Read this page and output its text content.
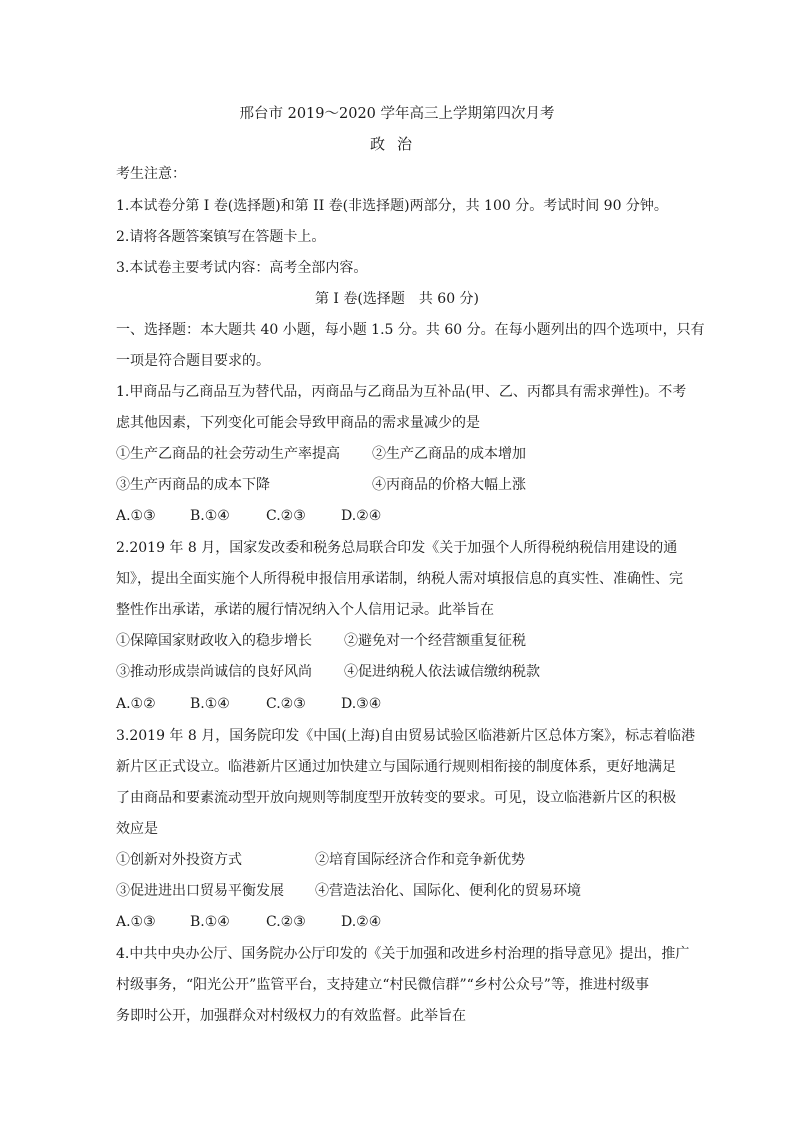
邢台市 2019～2020 学年高三上学期第四次月考
政治
考生注意：
1.本试卷分第 I 卷(选择题)和第 II 卷(非选择题)两部分，共 100 分。考试时间 90 分钟。
2.请将各题答案镇写在答题卡上。
3.本试卷主要考试内容：高考全部内容。
第 I 卷(选择题　共 60 分)
一、选择题：本大题共 40 小题，每小题 1.5 分。共 60 分。在每小题列出的四个选项中，只有
一项是符合题目要求的。
1.甲商品与乙商品互为替代品，丙商品与乙商品为互补品(甲、乙、丙都具有需求弹性)。不考
虑其他因素，下列变化可能会导致甲商品的需求量减少的是
①生产乙商品的社会劳动生产率提高 ②生产乙商品的成本增加
③生产丙商品的成本下降	④丙商品的价格大幅上涨
A.①③ B.①④	C.②③	D.②④
2.2019 年 8 月，国家发改委和税务总局联合印发《关于加强个人所得税纳税信用建设的通
知》，提出全面实施个人所得税申报信用承诺制，纳税人需对填报信息的真实性、准确性、完
整性作出承诺，承诺的履行情况纳入个人信用记录。此举旨在
①保障国家财政收入的稳步增长 ②避免对一个经营额重复征税
③推动形成崇尚诚信的良好风尚 ④促进纳税人依法诚信缴纳税款
A.①② B.①④	C.②③	D.③④
3.2019 年 8 月，国务院印发《中国(上海)自由贸易试验区临港新片区总体方案》，标志着临港
新片区正式设立。临港新片区通过加快建立与国际通行规则相衔接的制度体系，更好地满足
了由商品和要素流动型开放向规则等制度型开放转变的要求。可见，设立临港新片区的积极
效应是
①创新对外投资方式	②培育国际经济合作和竞争新优势
③促进进出口贸易平衡发展 ④营造法治化、国际化、便利化的贸易环境
A.①③ B.①④	C.②③	D.②④
4.中共中央办公厅、国务院办公厅印发的《关于加强和改进乡村治理的指导意见》提出，推广
村级事务，“阳光公开”监管平台，支持建立“村民微信群”“乡村公众号”等，推进村级事
务即时公开，加强群众对村级权力的有效监督。此举旨在
